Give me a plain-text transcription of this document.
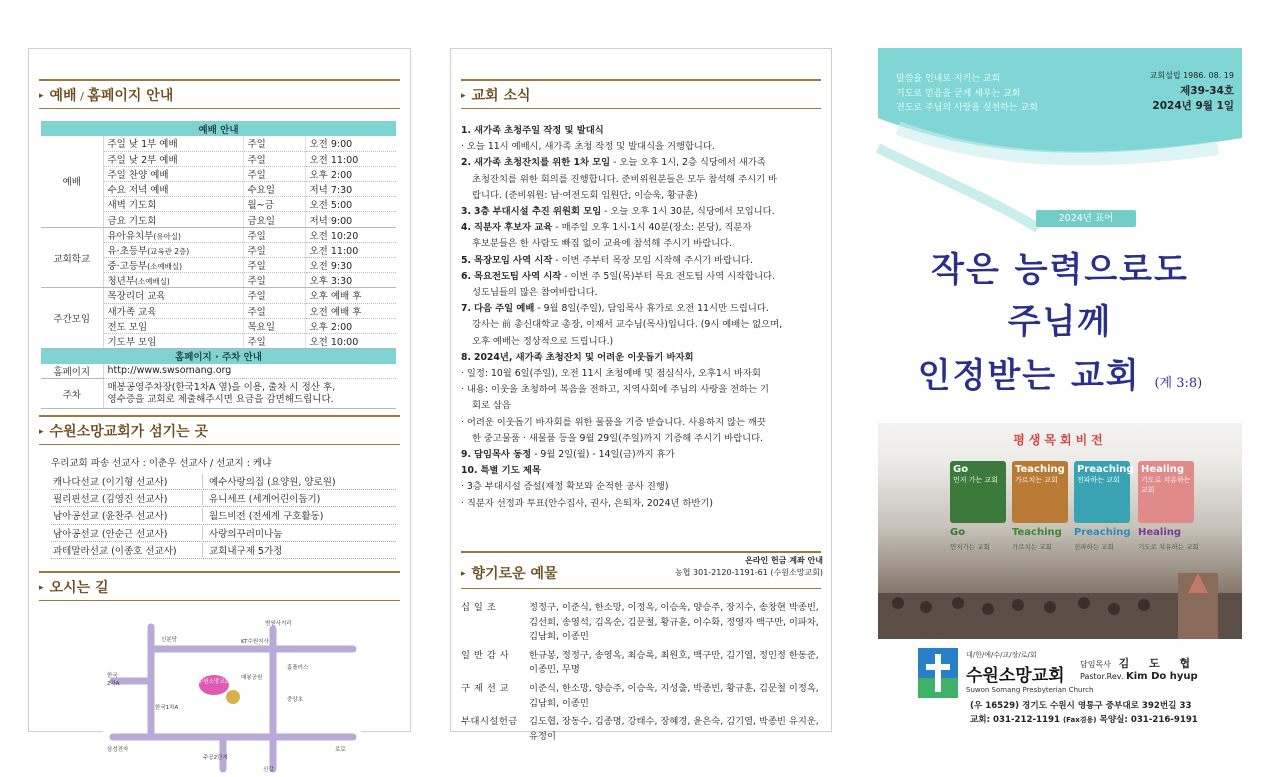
▸ 예배 / 홈페이지 안내
예배 안내			
예배	주일 낮 1부 예배	주일	오전 9:00
	주일 낮 2부 예배	주일	오전 11:00
	주일 찬양 예배	주일	오후 2:00
	수요 저녁 예배	수요일	저녁 7:30
	새벽 기도회	월~금	오전 5:00
	금요 기도회	금요일	저녁 9:00
교회학교	유아유치부(유아실)	주일	오전 10:20
	유·초등부(교육관 2층)	주일	오전 11:00
	중·고등부(소예배실)	주일	오전 9:30
	청년부(소예배실)	주일	오후 3:30
주간모임	목장리더 교육	주일	오후 예배 후
	새가족 교육	주일	오전 예배 후
	전도 모임	목요일	오후 2:00
	기도부 모임	주일	오전 10:00
홈페이지 · 주차 안내			
홈페이지	http://www.swsomang.org		
주차	매봉공영주차장(한국1차A 옆)을 이용, 출차 시 정산 후,
영수증을 교회로 제출해주시면 요금을 감면해드립니다.		
▸ 수원소망교회가 섬기는 곳
우리교회 파송 선교사 : 이춘우 선교사 / 선교지 : 케냐
캐나다선교 (이기형 선교사)	예수사랑의집 (요양원, 양로원)
필리핀선교 (김영진 선교사)	유니세프 (세계어린이돕기)
남아공선교 (윤찬주 선교사)	월드비전 (전세계 구호활동)
남아공선교 (안순근 선교사)	사랑의꾸러미나눔
과테말라선교 (이종호 선교사)	교회내구제 5가정
▸ 오시는 길
수원소망교회
범원사거리
신분당	KT수원지사
한국
2차A
홈플러스
매봉공원
한국1차A
중앙초
삼성전자
주공2단지
신갈
로로
▸ 교회 소식

1. 새가족 초청주일 작정 및 발대식

· 오늘 11시 예배시, 새가족 초청 작정 및 발대식을 거행합니다.

2. 새가족 초청잔치를 위한 1차 모임 - 오늘 오후 1시, 2층 식당에서 새가족

초청잔치를 위한 회의를 진행합니다. 준비위원분들은 모두 참석해 주시기 바

랍니다. (준비위원: 남·여전도회 임원단, 이승욱, 황규훈)

3. 3층 부대시설 추진 위원회 모임 - 오늘 오후 1시 30분, 식당에서 모입니다.

4. 직분자 후보자 교육 - 매주일 오후 1시-1시 40분(장소: 본당), 직분자

후보분들은 한 사람도 빠짐 없이 교육에 참석해 주시기 바랍니다.

5. 목장모임 사역 시작 - 이번 주부터 목장 모임 시작해 주시기 바랍니다.

6. 목요전도팀 사역 시작 - 이번 주 5일(목)부터 목요 전도팀 사역 시작합니다.

성도님들의 많은 참여바랍니다.

7. 다음 주일 예배 - 9월 8일(주일), 담임목사 휴가로 오전 11시만 드립니다.

강사는 前 총신대학교 총장, 이재서 교수님(목사)입니다. (9시 예배는 없으며,

오후 예배는 정상적으로 드립니다.)

8. 2024년, 새가족 초청잔치 및 어려운 이웃돕기 바자회

· 일정: 10월 6일(주일), 오전 11시 초청예배 및 점심식사, 오후1시 바자회

· 내용: 이웃을 초청하여 복음을 전하고, 지역사회에 주님의 사랑을 전하는 기

회로 삼음

· 어려운 이웃돕기 바자회를 위한 물품을 기증 받습니다. 사용하지 않는 깨끗

한 중고물품 · 새물품 등을 9월 29일(주일)까지 기증해 주시기 바랍니다.

9. 담임목사 동정 - 9월 2일(월) - 14일(금)까지 휴가

10. 특별 기도 제목

· 3층 부대시설 증설(재정 확보와 순적한 공사 진행)

· 직분자 선정과 투표(안수집사, 권사, 은퇴자, 2024년 하반기)

▸ 향기로운 예물
온라인 헌금 계좌 안내
농협 301-2120-1191-61 (수원소망교회)
십 일 조	정정구, 이준식, 한소망, 이정옥, 이승욱, 양승주, 장지수, 송창현 박종빈, 김선희, 송영석, 김옥순, 김문철, 황규훈, 이수화, 정영자 백구만, 이파차, 김남희, 이종민
일 반 감 사	한규봉, 정정구, 송영옥, 최승록, 최원호, 백구만, 김기열, 정인정 한동준, 이종민, 무명
구 제 선 교	이준식, 한소망, 양승주, 이승욱, 지성출, 박종빈, 황규훈, 김문철 이정옥, 김남희, 이종민
부대시설헌금	김도협, 장동수, 김종명, 강태수, 장혜경, 윤은숙, 김기열, 박종빈 유지운, 유정이
말씀을 인내로 지키는 교회
기도로 믿음을 굳게 세우는 교회
전도로 주님의 사랑을 실천하는 교회
교회설립 1986. 08. 19
제39-34호
2024년 9월 1일
2024년 표어
작은 능력으로도
주님께
인정받는 교회 (계 3:8)
평생목회비전
Go
먼저 가는 교회
Go
먼저가는 교회
Teaching
가르치는 교회
Teaching
가르치는 교회
Preaching
전파하는 교회
Preaching
전파하는 교회
Healing
기도로 치유하는 교회
Healing
기도로 치유하는 교회
대/한/예/수/교/장/로/회
수원소망교회
Suwon Somang Presbyterian Church
담임목사 김 도 협
Pastor.Rev. Kim Do hyup
(우 16529) 경기도 수원시 영통구 중부대로 392번길 33
교회: 031-212-1191 (Fax겸용) 목양실: 031-216-9191
